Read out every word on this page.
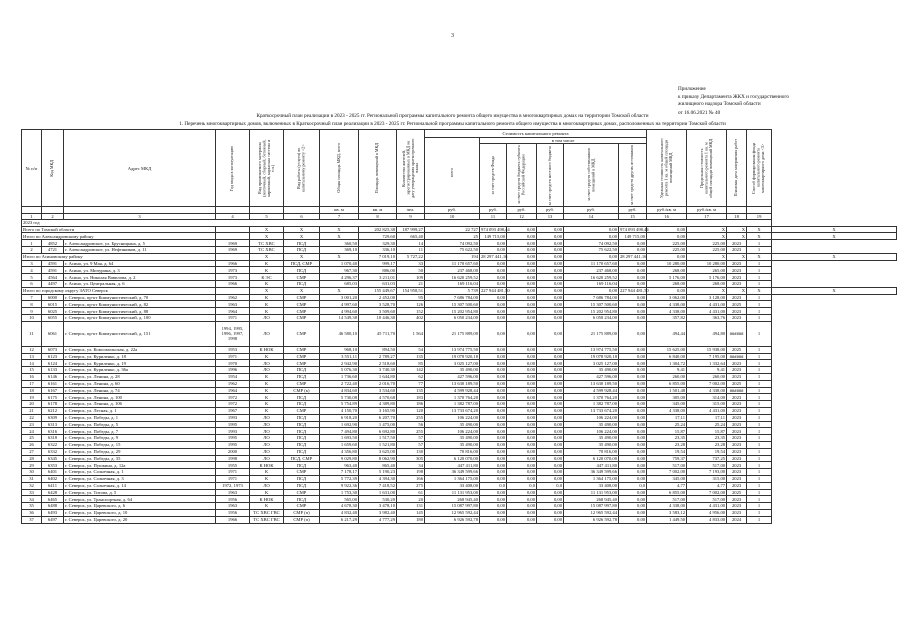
3
Приложение
к приказу Департамента ЖКХ и государственного
жилищного надзора Томской области
от 16.06.2021 № 40
Краткосрочный план реализации в 2023 - 2025 гг. Региональной программы капитального ремонта общего имущества в многоквартирных домах на территории Томской области
1. Перечень многоквартирных домов, включенных в Краткосрочный план реализации в 2023 - 2025 гг. Региональной программы капитального ремонта общего имущества в многоквартирных домах, расположенных на территории Томской области
№ п/п	Код МКД	Адрес МКД	Год ввода в эксплуатацию	Вид применяемого материала (ленточный, сборный, бетонный, кирпичный, каркасная система и т.п.)	Вид работы (услуги) по капитальному ремонту <2>	Общая площадь МКД, всего	Площадь помещений в МКД	Количество жителей, зарегистрированных в МКД на дату утверждения краткосрочного плана	Стоимость капитального ремонта						Удельная стоимость капитального ремонта 1 кв. м общей площади помещений МКД	Предельная стоимость капитального ремонта 1 кв. м общей площади помещений МКД	Плановая дата завершения работ	Способ формирования фонда капитального ремонта многоквартирного дома <3>	

									всего	в том числе									

										за счет средств Фонда	за счет средств бюджета субъекта Российской Федерации	за счет средств местного бюджета	за счет средств собственников помещений в МКД	за счет средств других источников					

						кв. м	кв. м	чел.	руб.	руб.	руб.	руб.	руб.	руб.	руб./кв. м	руб./кв. м			
1	2	3	4	5	6	7	8	9	10	11	12	13	14	15	16	17	18	19	
2023 год																			
Всего по Томской области				X	X	X	202 825,38	187 999,27	22 727	974 093 498,44	0,00	0,00	0,00	974 093 498,44	0,00	X	X	X	X
Итого по Александровскому району				X	X	X	729,60	665,40	25	149 715,00	0,00	0,00	0,00	149 715,00	0,00	X	X	X	X
1	4852	г. Александровское, ул. Брусницына, д. 5	1969	ТС ХВС	ПСД	360,50	329,30	14	74 092,50	0,00	0,00	0,00	74 092,50	0,00	225,00	225,00	2023	1	
2	4721	г. Александровское, ул. Нефтяников, д. 11	1969	ТС ХВС	ПСД	369,10	336,10	11	75 622,50	0,00	0,00	0,00	75 622,50	0,00	225,00	225,00	2023	1	
Итого по Асиновскому району				X	X	X	7 019,10	5 727,22	194	28 297 441,16	0,00	0,00	0,00	28 297 441,16	0,00	X	X	X	X
3	4591	г. Асино, ул. 9 Мая, д. 64	1966	К	ПСД, СМР	1 070,40	999,17	33	11 170 657,60	0,00	0,00	0,00	11 170 657,60	0,00	10 280,00	10 280,00	2023	1	
4	4591	г. Асино, ул. Мичурина, д. 3	1973	К	ПСД	967,30	886,00	50	237 468,00	0,00	0,00	0,00	237 468,00	0,00	268,00	265,00	2023	1	
5	4564	г. Асино, ул. Николая Вавилова, д. 2	1973	К ЭС	СМР	4 296,37	3 211,01	109	16 620 259,52	0,00	0,00	0,00	16 620 259,52	0,00	5 176,00	5 176,00	2023	1	
6	4497	г. Асино, ул. Центральная, д. 6	1966	К	ПСД	685,03	631,03	21	169 116,04	0,00	0,00	0,00	169 116,04	0,00	268,00	268,00	2023	1	
Итого по городскому округу ЗАТО Северск				X	X	X	155 449,67	154 958,51	5 739	227 944 481,50	0,00	0,00	0,00	227 944 481,50	0,00	X	X	X	X
7	6000	г. Северск, пр-кт Коммунистический, д. 70	1962	К	СМР	3 001,20	2 452,00	95	7 686 784,00	0,00	0,00	0,00	7 686 784,00	0,00	3 062,00	3 128,00	2023	1	
8	6015	г. Северск, пр-кт Коммунистический, д. 82	1963	К	СМР	4 997,60	3 528,70	126	15 307 500,60	0,00	0,00	0,00	15 307 500,60	0,00	4 338,00	4 431,00	2025	1	
9	6025	г. Северск, пр-кт Коммунистический, д. 88	1964	К	СМР	4 994,60	3 509,60	152	15 202 954,80	0,00	0,00	0,00	15 202 954,80	0,00	4 338,00	4 431,00	2023	1	
10	6055	г. Северск, пр-кт Коммунистический, д. 100	1971	ЛО	СМР	14 549,38	10 446,30	402	6 050 234,00	0,00	0,00	0,00	6 050 234,00	0,00	357,82	363,76	2023	1	
11	6061	г. Северск, пр-кт Коммунистический, д. 151	1994, 1995, 1996, 1997, 1998	ЛО	СМР	46 580,10	45 711,70	1 564	21 175 889,00	0,00	0,00	0,00	21 175 889,00	0,00	494,44	494,80	######	1	
12	6073	г. Северск, ул. Комсомольская, д. 22а	1953	К НОК	СМР	968,10	894,50	54	13 974 775,50	0,00	0,00	0,00	13 974 775,50	0,00	15 625,00	15 938,00	2025	1	
13	6123	г. Северск, ул. Куриленко, д. 18	1971	К	СМР	3 551,11	2 789,27	135	19 078 920,18	0,00	0,00	0,00	19 078 920,18	0,00	6 840,00	7 195,00	######	1	
14	6124	г. Северск, ул. Куриленко, д. 19	1970	ЛО	СМР	2 942,90	2 518,60	85	3 025 127,00	0,00	0,00	0,00	3 025 127,00	0,00	1 304,72	1 332,64	2023	1	
15	6133	г. Северск, ул. Куриленко, д. 36а	1996	ЛО	ПСД	5 076,30	3 740,30	142	35 490,00	0,00	0,00	0,00	35 490,00	0,00	9,41	9,41	2023	1	
16	6146	г. Северск, ул. Ленина, д. 28	1954	К	ПСД	1 736,60	1 644,80	62	427 596,00	0,00	0,00	0,00	427 596,00	0,00	260,00	260,00	2023	1	
17	6161	г. Северск, ул. Ленина, д. 60	1962	К	СМР	2 722,40	2 016,70	77	13 630 189,50	0,00	0,00	0,00	13 630 189,50	0,00	6 855,00	7 002,00	2025	1	
18	6167	г. Северск, ул. Ленина, д. 74	1964	К	СМР (к)	4 834,60	3 534,60	135	4 599 928,44	0,00	0,00	0,00	4 599 928,44	0,00	1 501,48	4 338,00	######	1	
19	6175	г. Северск, ул. Ленина, д. 100	1972	К	ПСД	5 730,08	4 570,68	183	1 370 764,20	0,00	0,00	0,00	1 370 764,20	0,00	305,00	314,00	2023	1	
20	6178	г. Северск, ул. Ленина, д. 106	1972	К	ПСД	5 754,89	4 389,80	186	1 382 787,00	0,00	0,00	0,00	1 382 787,00	0,00	345,00	315,00	2023	1	
21	6212	г. Северск, ул. Лесная, д. 1	1967	К	СМР	4 150,70	3 165,90	120	13 733 674,20	0,00	0,00	0,00	13 733 674,20	0,00	4 338,00	4 431,00	2023	1	
22	6309	г. Северск, ул. Победы, д. 1	1993	ЛО	ПСД	6 918,20	6 207,70	255	106 224,00	0,00	0,00	0,00	106 224,00	0,00	17,11	17,11	2023	1	
23	6313	г. Северск, ул. Победы, д. 5	1995	ЛО	ПСД	1 692,90	1 475,00	56	35 490,00	0,00	0,00	0,00	35 490,00	0,00	25,24	25,24	2023	1	
24	6316	г. Северск, ул. Победы, д. 7	1993	ЛО	ПСД	7 494,80	6 692,80	255	106 224,00	0,00	0,00	0,00	106 224,00	0,00	15,87	15,87	2023	1	
25	6318	г. Северск, ул. Победы, д. 9	1995	ЛО	ПСД	1 693,50	1 517,50	57	35 490,00	0,00	0,00	0,00	35 490,00	0,00	23,35	23,35	2023	1	
26	6322	г. Северск, ул. Победы, д. 15	1995	ЛО	ПСД	1 659,60	1 521,80	57	35 490,00	0,00	0,00	0,00	35 490,00	0,00	23,28	23,28	2023	1	
27	6332	г. Северск, ул. Победы, д. 29	2000	ЛО	ПСД	4 356,80	3 625,00	130	70 816,00	0,00	0,00	0,00	70 816,00	0,00	19,54	19,54	2023	1	
28	6345	г. Северск, ул. Победы, д. 35	1998	ЛО	ПСД, СМР	9 029,80	8 062,90	305	6 120 070,00	0,00	0,00	0,00	6 120 070,00	0,00	759,37	737,25	2023	1	
29	6353	г. Северск, ул. Пушкина, д. 12а	1955	К НОК	ПСД	963,40	865,40	34	447 411,80	0,00	0,00	0,00	447 411,80	0,00	517,00	517,00	2023	1	
30	6401	г. Северск, ул. Солнечная, д. 1	1971	К	СМР	7 178,17	5 190,23	198	36 349 599,66	0,00	0,00	0,00	36 349 599,66	0,00	7 002,00	7 193,00	2023	1	
31	6402	г. Северск, ул. Солнечная, д. 3	1971	К	ПСД	5 772,39	4 394,30	166	1 364 175,00	0,00	0,00	0,00	1 364 175,00	0,00	345,00	315,00	2023	1	
32	6411	г. Северск, ул. Солнечная, д. 14	1972, 1973	ЛО	ПСД	9 922,36	7 418,52	275	33 408,00	0,0	0,0	0,0	33 408,00	0,0	4,77	4,77	2023	1	
33	6428	г. Северск, ул. Титова, д. 5	1963	К	СМР	1 753,30	1 631,00	61	11 131 953,00	0,00	0,00	0,00	11 131 953,00	0,00	6 855,00	7 002,00	2025	1	
34	6465	г. Северск, ул. Транспортная, д. 64	1956	К НОК	ПСД	565,00	530,20	20	268 945,40	0,00	0,00	0,00	268 945,40	0,00	517,00	517,00	2023	1	
35	6488	г. Северск, ул. Царевского, д. 6	1963	К	СМР	4 678,30	3 478,10	131	15 087 997,80	0,00	0,00	0,00	15 087 997,80	0,00	4 338,00	4 431,00	2023	1	
36	6493	г. Северск, ул. Царевского, д. 10	1956	ТС ХВС ГВС	СМР (п)	4 832,40	3 982,40	145	12 965 592,44	0,00	0,00	0,00	12 965 592,44	0,00	3 583,12	4 956,00	2023	1	
37	6497	г. Северск, ул. Царевского, д. 20	1966	ТС ХВС ГВС	СМР (п)	6 217,29	4 777,29	180	6 926 592,78	0,00	0,00	0,00	6 926 592,78	0,00	1 449,50	4 833,00	2024	1	
